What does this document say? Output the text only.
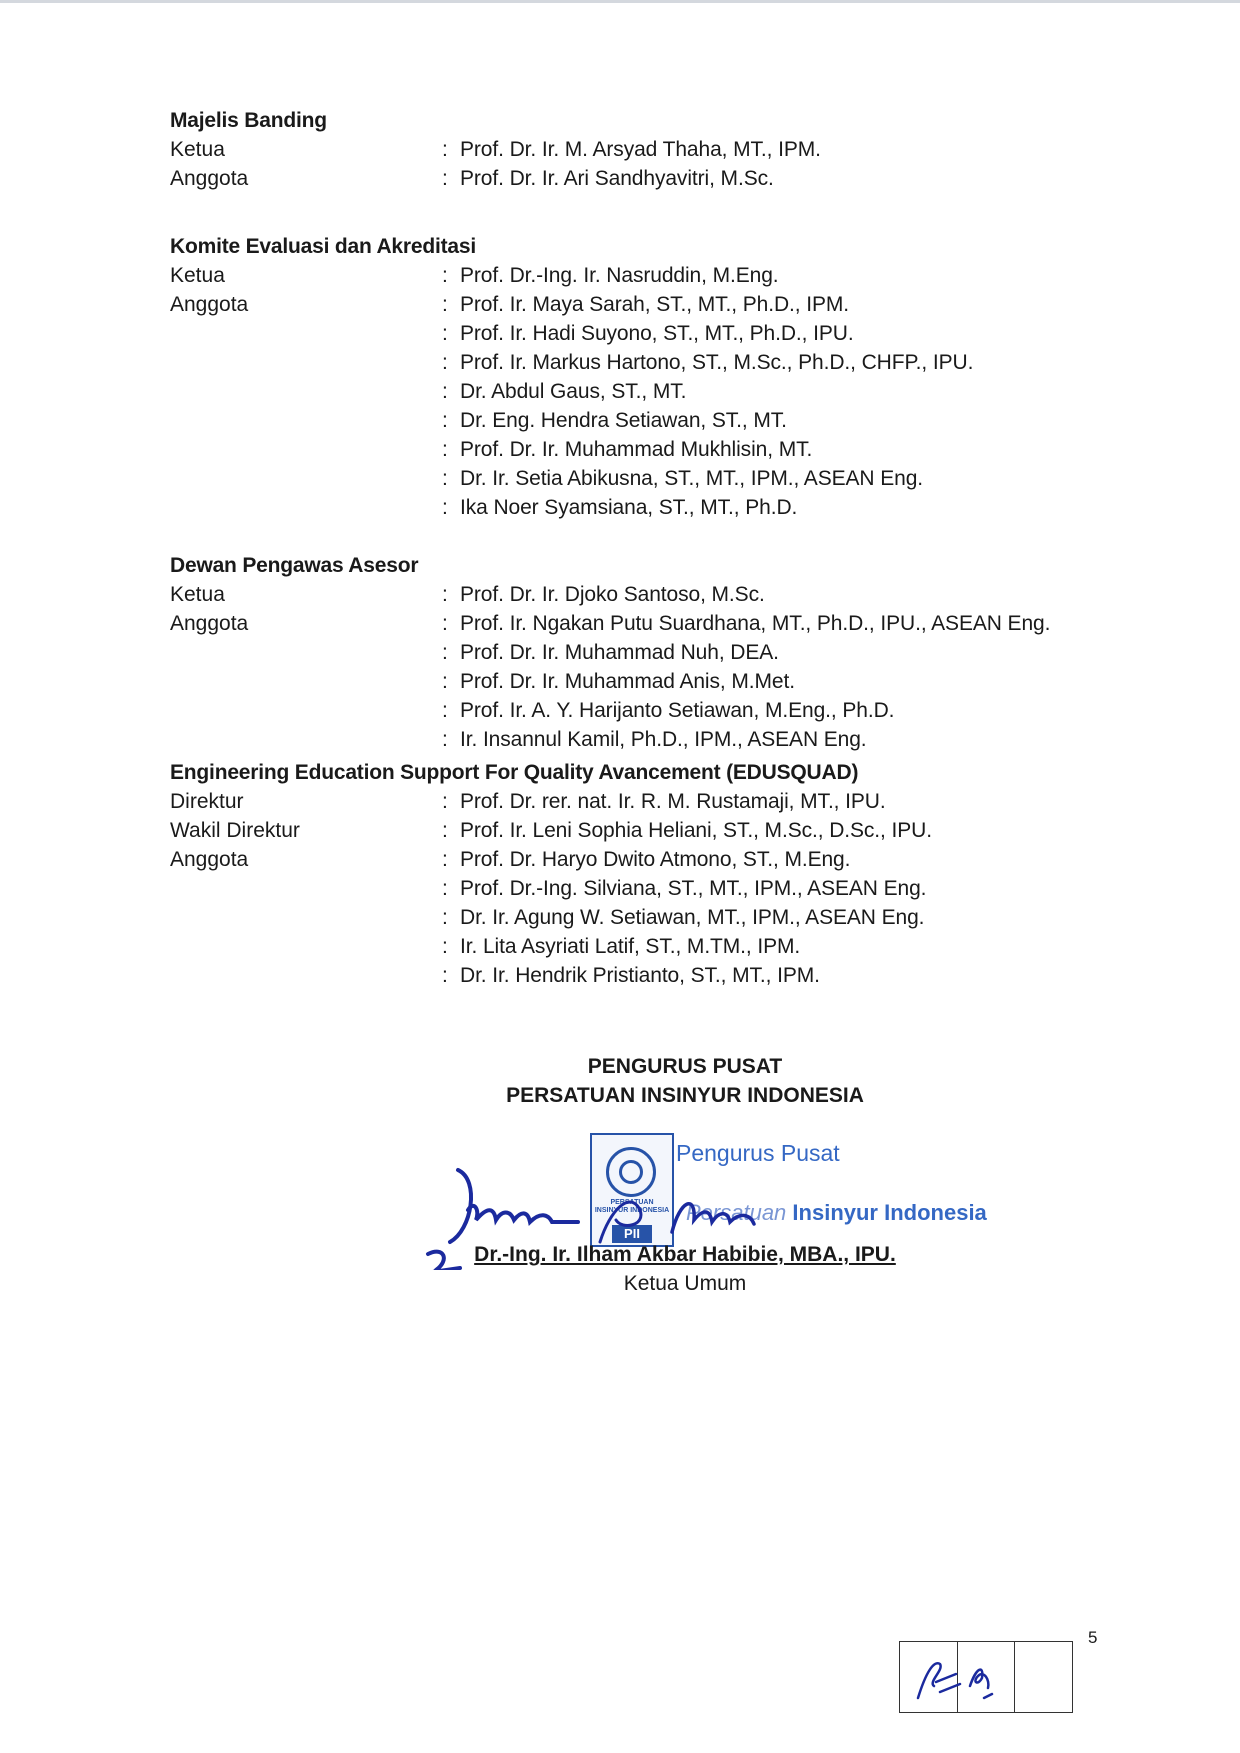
Majelis Banding
Ketua	: Prof. Dr. Ir. M. Arsyad Thaha, MT., IPM.
Anggota	: Prof. Dr. Ir. Ari Sandhyavitri, M.Sc.
Komite Evaluasi dan Akreditasi
Ketua	: Prof. Dr.-Ing. Ir. Nasruddin, M.Eng.
Anggota	: Prof. Ir. Maya Sarah, ST., MT., Ph.D., IPM.
: Prof. Ir. Hadi Suyono, ST., MT., Ph.D., IPU.
: Prof. Ir. Markus Hartono, ST., M.Sc., Ph.D., CHFP., IPU.
: Dr. Abdul Gaus, ST., MT.
: Dr. Eng. Hendra Setiawan, ST., MT.
: Prof. Dr. Ir. Muhammad Mukhlisin, MT.
: Dr. Ir. Setia Abikusna, ST., MT., IPM., ASEAN Eng.
: Ika Noer Syamsiana, ST., MT., Ph.D.
Dewan Pengawas Asesor
Ketua	: Prof. Dr. Ir. Djoko Santoso, M.Sc.
Anggota	: Prof. Ir. Ngakan Putu Suardhana, MT., Ph.D., IPU., ASEAN Eng.
: Prof. Dr. Ir. Muhammad Nuh, DEA.
: Prof. Dr. Ir. Muhammad Anis, M.Met.
: Prof. Ir. A. Y. Harijanto Setiawan, M.Eng., Ph.D.
: Ir. Insannul Kamil, Ph.D., IPM., ASEAN Eng.
Engineering Education Support For Quality Avancement (EDUSQUAD)
Direktur	: Prof. Dr. rer. nat. Ir. R. M. Rustamaji, MT., IPU.
Wakil Direktur	: Prof. Ir. Leni Sophia Heliani, ST., M.Sc., D.Sc., IPU.
Anggota	: Prof. Dr. Haryo Dwito Atmono, ST., M.Eng.
: Prof. Dr.-Ing. Silviana, ST., MT., IPM., ASEAN Eng.
: Dr. Ir. Agung W. Setiawan, MT., IPM., ASEAN Eng.
: Ir. Lita Asyriati Latif, ST., M.TM., IPM.
: Dr. Ir. Hendrik Pristianto, ST., MT., IPM.
PENGURUS PUSAT
PERSATUAN INSINYUR INDONESIA
PERSATUAN INSINYUR INDONESIA
PII
Pengurus Pusat
Persatuan Insinyur Indonesia
Dr.-Ing. Ir. Ilham Akbar Habibie, MBA., IPU.
Ketua Umum
5
